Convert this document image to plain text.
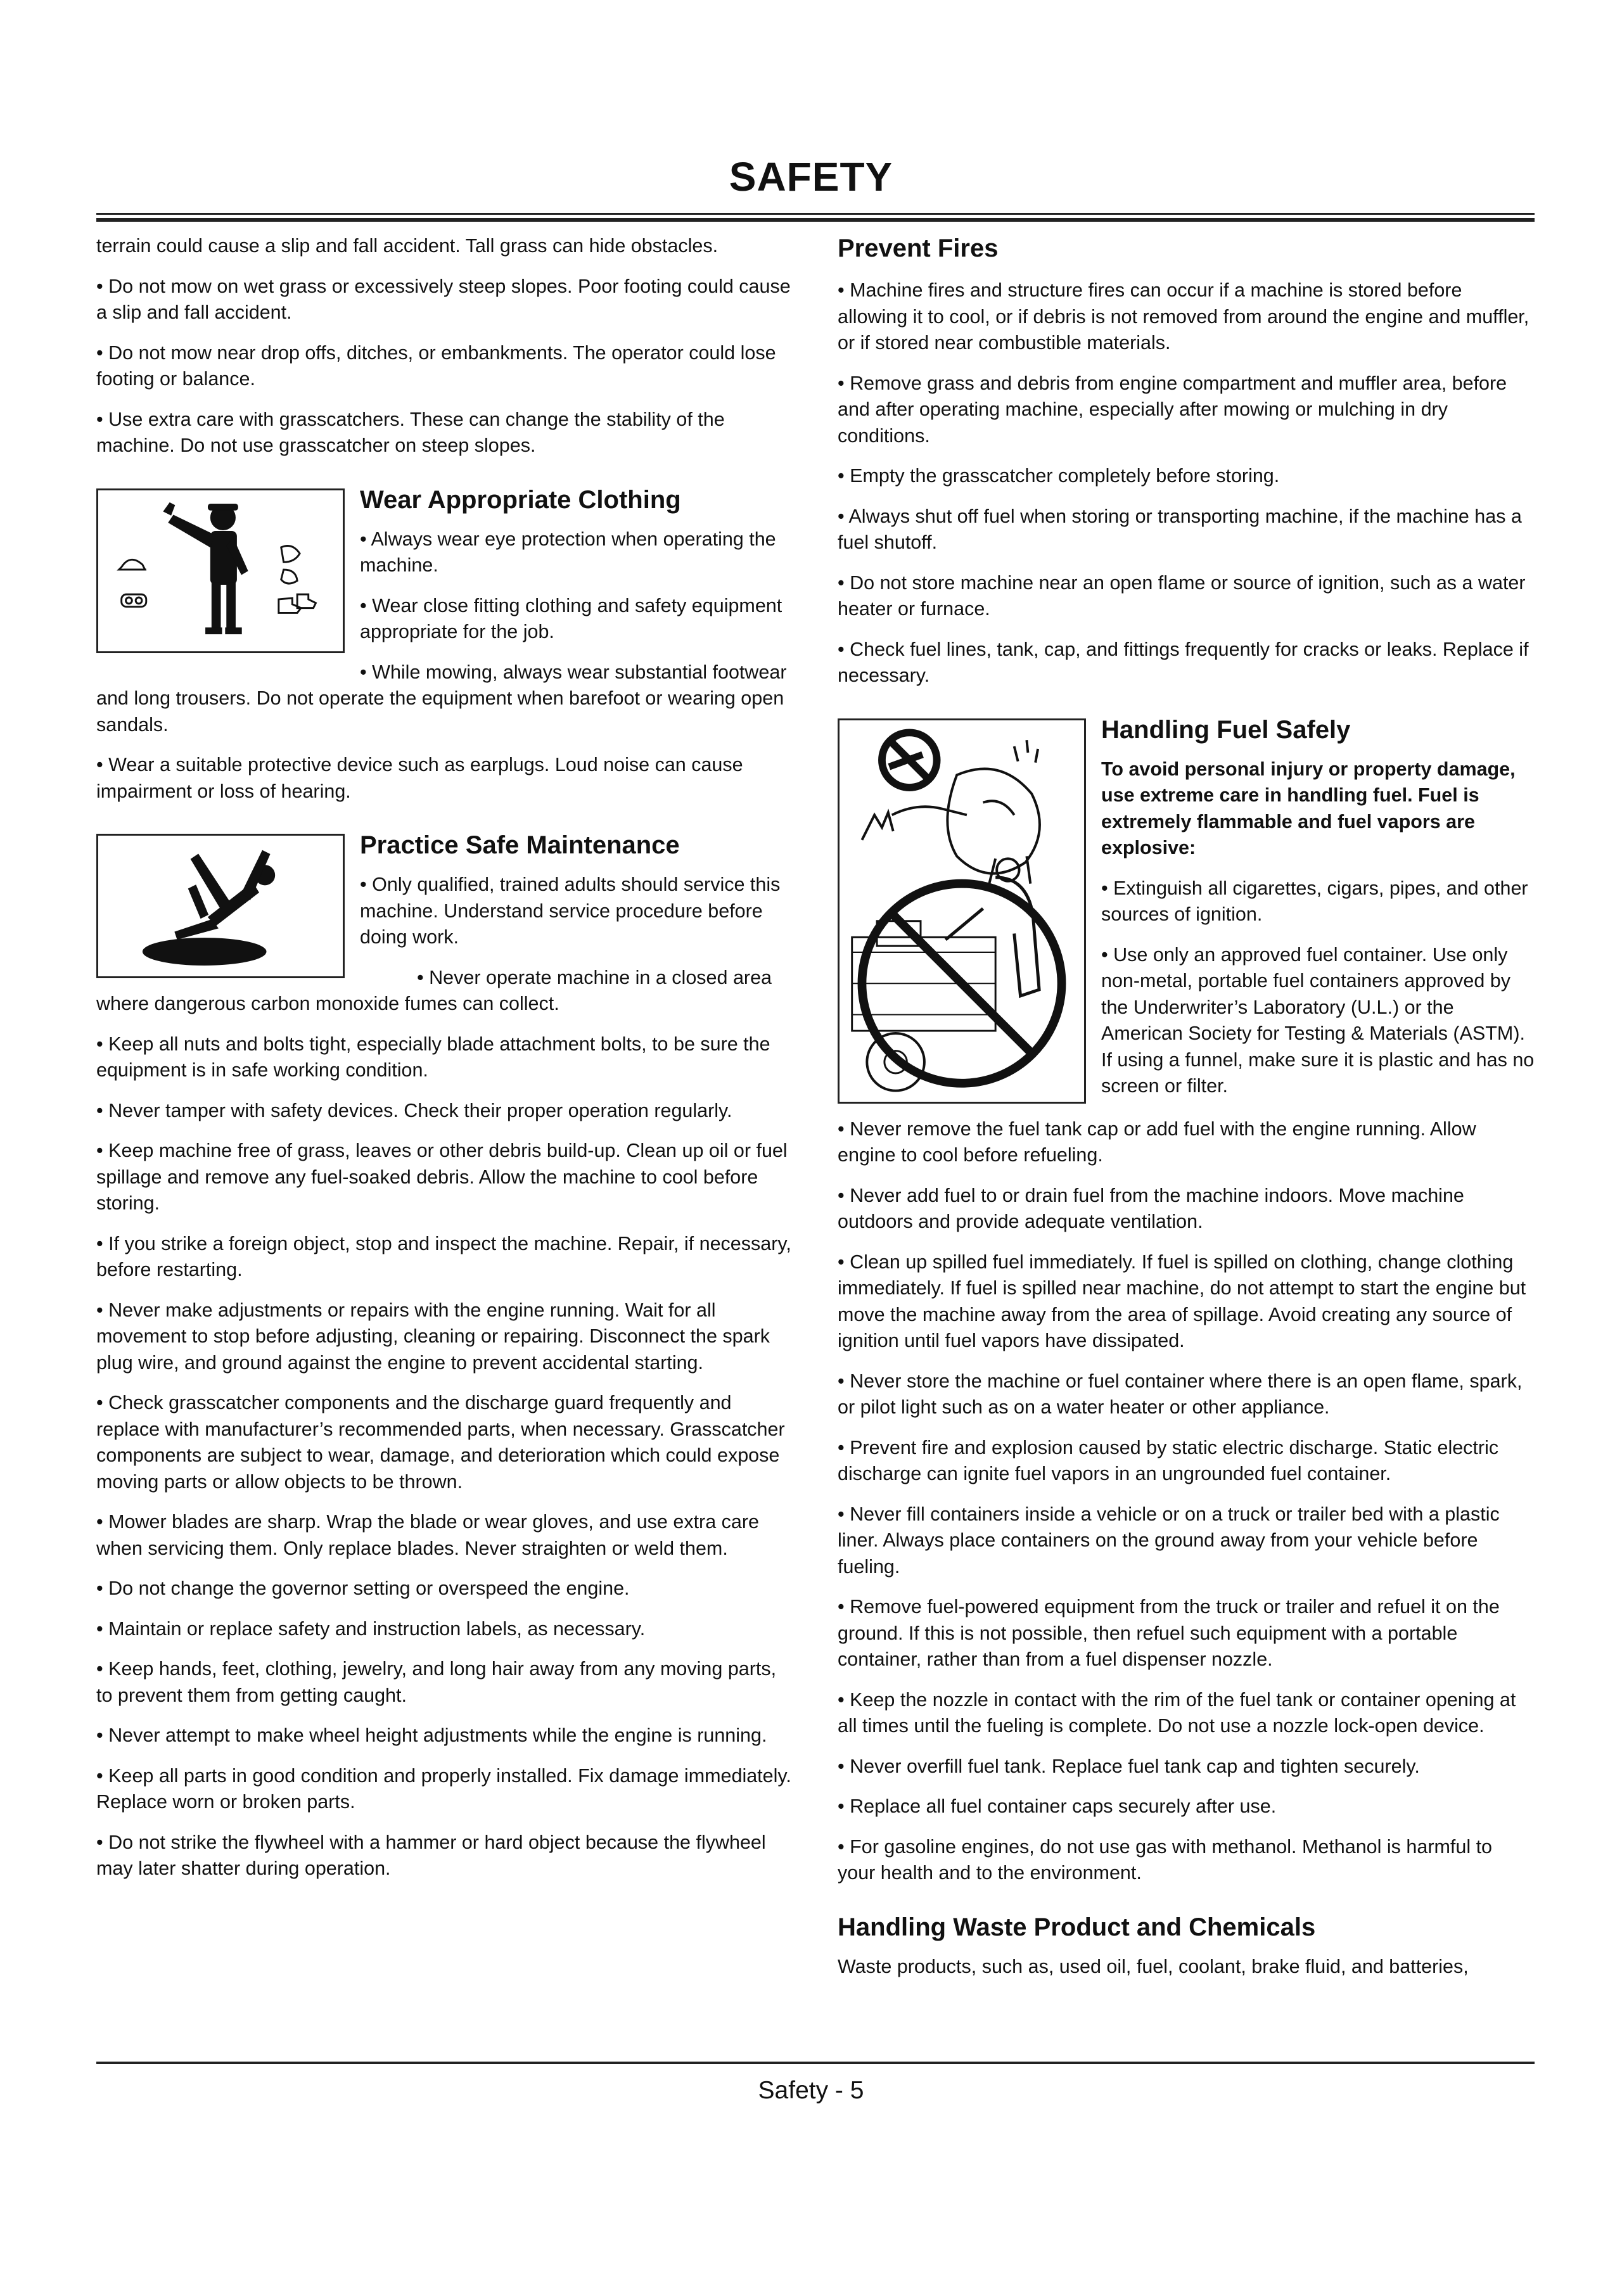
SAFETY

terrain could cause a slip and fall accident. Tall grass can hide obstacles.

• Do not mow on wet grass or excessively steep slopes. Poor footing could cause a slip and fall accident.

• Do not mow near drop offs, ditches, or embankments. The operator could lose footing or balance.

• Use extra care with grasscatchers. These can change the stability of the machine. Do not use grasscatcher on steep slopes.

Wear Appropriate Clothing

• Always wear eye protection when operating the machine.

• Wear close fitting clothing and safety equipment appropriate for the job.

• While mowing, always wear substantial footwear and long trousers. Do not operate the equipment when barefoot or wearing open sandals.

• Wear a suitable protective device such as earplugs. Loud noise can cause impairment or loss of hearing.

Practice Safe Maintenance

• Only qualified, trained adults should service this machine. Understand service procedure before doing work.

• Never operate machine in a closed area where dangerous carbon monoxide fumes can collect.

• Keep all nuts and bolts tight, especially blade attachment bolts, to be sure the equipment is in safe working condition.

• Never tamper with safety devices. Check their proper operation regularly.

• Keep machine free of grass, leaves or other debris build-up. Clean up oil or fuel spillage and remove any fuel-soaked debris. Allow the machine to cool before storing.

• If you strike a foreign object, stop and inspect the machine. Repair, if necessary, before restarting.

• Never make adjustments or repairs with the engine running. Wait for all movement to stop before adjusting, cleaning or repairing. Disconnect the spark plug wire, and ground against the engine to prevent accidental starting.

• Check grasscatcher components and the discharge guard frequently and replace with manufacturer’s recommended parts, when necessary. Grasscatcher components are subject to wear, damage, and deterioration which could expose moving parts or allow objects to be thrown.

• Mower blades are sharp. Wrap the blade or wear gloves, and use extra care when servicing them. Only replace blades. Never straighten or weld them.

• Do not change the governor setting or overspeed the engine.

• Maintain or replace safety and instruction labels, as necessary.

• Keep hands, feet, clothing, jewelry, and long hair away from any moving parts, to prevent them from getting caught.

• Never attempt to make wheel height adjustments while the engine is running.

• Keep all parts in good condition and properly installed. Fix damage immediately. Replace worn or broken parts.

• Do not strike the flywheel with a hammer or hard object because the flywheel may later shatter during operation.

Prevent Fires

• Machine fires and structure fires can occur if a machine is stored before allowing it to cool, or if debris is not removed from around the engine and muffler, or if stored near combustible materials.

• Remove grass and debris from engine compartment and muffler area, before and after operating machine, especially after mowing or mulching in dry conditions.

• Empty the grasscatcher completely before storing.

• Always shut off fuel when storing or transporting machine, if the machine has a fuel shutoff.

• Do not store machine near an open flame or source of ignition, such as a water heater or furnace.

• Check fuel lines, tank, cap, and fittings frequently for cracks or leaks. Replace if necessary.

Handling Fuel Safely

To avoid personal injury or property damage, use extreme care in handling fuel. Fuel is extremely flammable and fuel vapors are explosive:

• Extinguish all cigarettes, cigars, pipes, and other sources of ignition.

• Use only an approved fuel container. Use only non-metal, portable fuel containers approved by the Underwriter’s Laboratory (U.L.) or the American Society for Testing & Materials (ASTM). If using a funnel, make sure it is plastic and has no screen or filter.

• Never remove the fuel tank cap or add fuel with the engine running. Allow engine to cool before refueling.

• Never add fuel to or drain fuel from the machine indoors. Move machine outdoors and provide adequate ventilation.

• Clean up spilled fuel immediately. If fuel is spilled on clothing, change clothing immediately. If fuel is spilled near machine, do not attempt to start the engine but move the machine away from the area of spillage. Avoid creating any source of ignition until fuel vapors have dissipated.

• Never store the machine or fuel container where there is an open flame, spark, or pilot light such as on a water heater or other appliance.

• Prevent fire and explosion caused by static electric discharge. Static electric discharge can ignite fuel vapors in an ungrounded fuel container.

• Never fill containers inside a vehicle or on a truck or trailer bed with a plastic liner. Always place containers on the ground away from your vehicle before fueling.

• Remove fuel-powered equipment from the truck or trailer and refuel it on the ground. If this is not possible, then refuel such equipment with a portable container, rather than from a fuel dispenser nozzle.

• Keep the nozzle in contact with the rim of the fuel tank or container opening at all times until the fueling is complete. Do not use a nozzle lock-open device.

• Never overfill fuel tank. Replace fuel tank cap and tighten securely.

• Replace all fuel container caps securely after use.

• For gasoline engines, do not use gas with methanol. Methanol is harmful to your health and to the environment.

Handling Waste Product and Chemicals

Waste products, such as, used oil, fuel, coolant, brake fluid, and batteries,

Safety - 5
